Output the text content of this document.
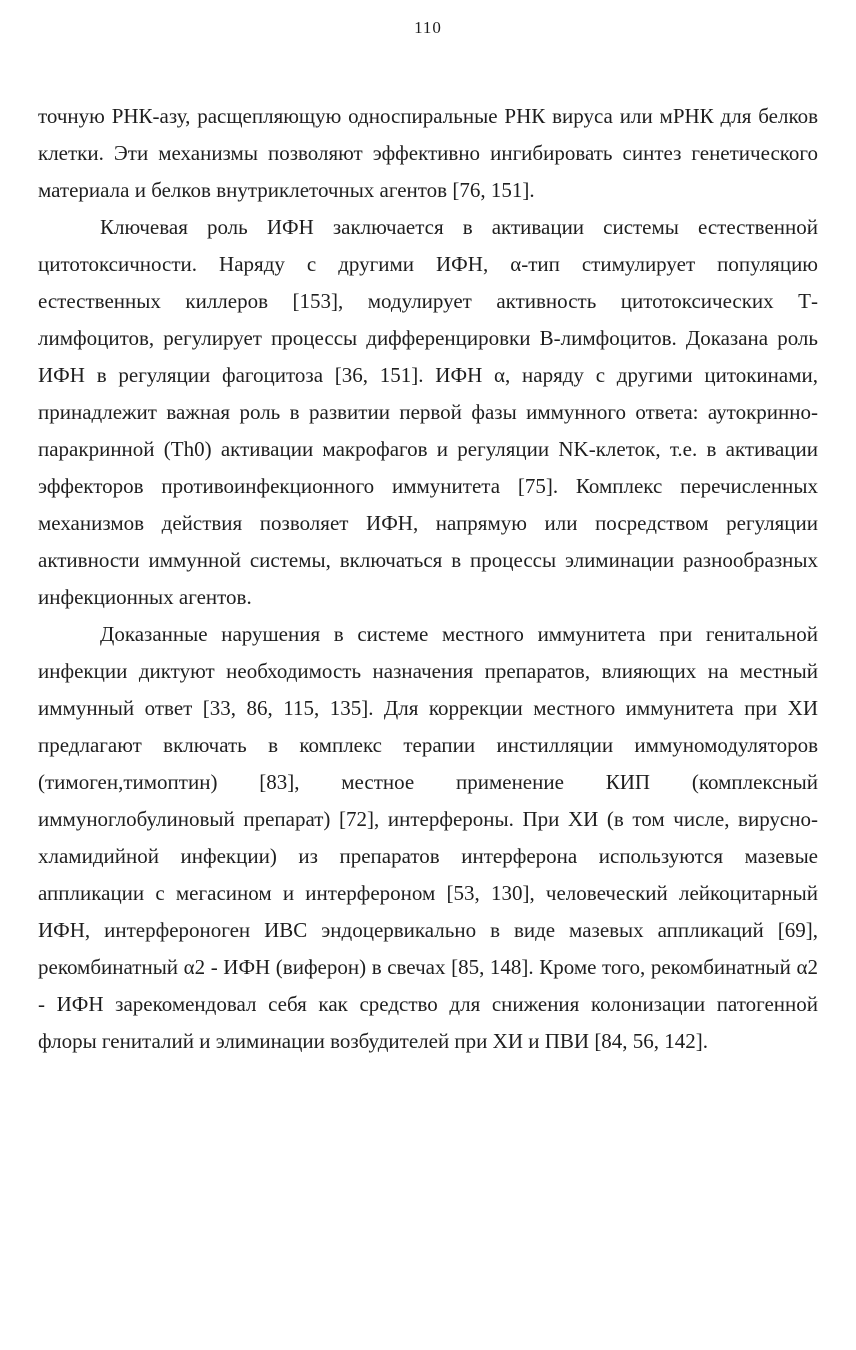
110

точную РНК-азу, расщепляющую односпиральные РНК вируса или мРНК для белков клетки. Эти механизмы позволяют эффективно ингибировать синтез генетического материала и белков внутриклеточных агентов [76, 151].

Ключевая роль ИФН заключается в активации системы естественной цитотоксичности. Наряду с другими ИФН, α-тип стимулирует популяцию естественных киллеров [153], модулирует активность цитотоксических Т-лимфоцитов, регулирует процессы дифференцировки В-лимфоцитов. Доказана роль ИФН в регуляции фагоцитоза [36, 151]. ИФН α, наряду с другими цитокинами, принадлежит важная роль в развитии первой фазы иммунного ответа: аутокринно-паракринной (Th0) активации макрофагов и регуляции NK-клеток, т.е. в активации эффекторов противоинфекционного иммунитета [75]. Комплекс перечисленных механизмов действия позволяет ИФН, напрямую или посредством регуляции активности иммунной системы, включаться в процессы элиминации разнообразных инфекционных агентов.

Доказанные нарушения в системе местного иммунитета при генитальной инфекции диктуют необходимость назначения препаратов, влияющих на местный иммунный ответ [33, 86, 115, 135]. Для коррекции местного иммунитета при ХИ предлагают включать в комплекс терапии инстилляции иммуномодуляторов (тимоген,тимоптин) [83], местное применение КИП (комплексный иммуноглобулиновый препарат) [72], интерфероны. При ХИ (в том числе, вирусно-хламидийной инфекции) из препаратов интерферона используются мазевые аппликации с мегасином и интерфероном [53, 130], человеческий лейкоцитарный ИФН, интерфероноген ИВС эндоцервикально в виде мазевых аппликаций [69], рекомбинатный α2 - ИФН (виферон) в свечах [85, 148]. Кроме того, рекомбинатный α2 - ИФН зарекомендовал себя как средство для снижения колонизации патогенной флоры гениталий и элиминации возбудителей при ХИ и ПВИ [84, 56, 142].
